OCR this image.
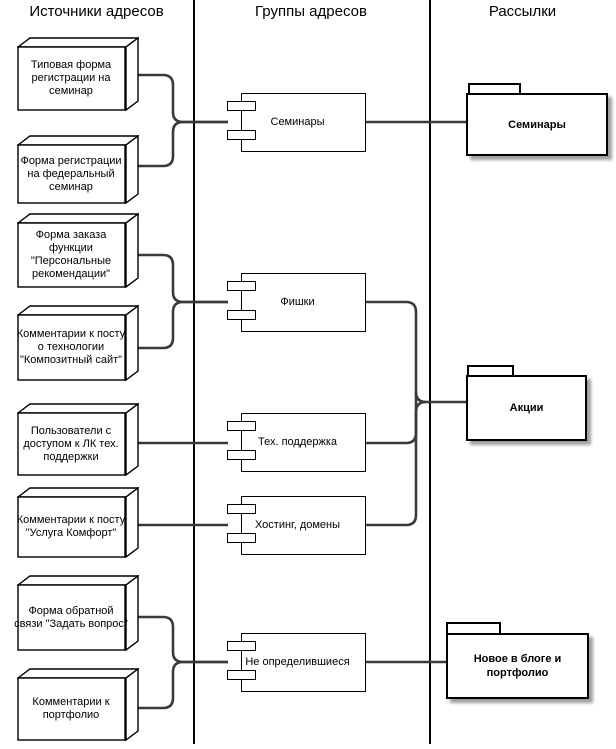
Источники адресов	Группы адресов	Рассылки
Типовая форма регистрации на семинар
Форма регистрации на федеральный семинар
Форма заказа функции "Персональные рекомендации"
Комментарии к посту о технологии "Композитный сайт"
Пользователи с доступом к ЛК тех. поддержки
Комментарии к посту "Услуга Комфорт"
Форма обратной связи "Задать вопрос"
Комментарии к портфолио
Семинары
Фишки
Тех. поддержка
Хостинг, домены
Не определившиеся
Семинары
Акции
Новое в блоге и портфолио
